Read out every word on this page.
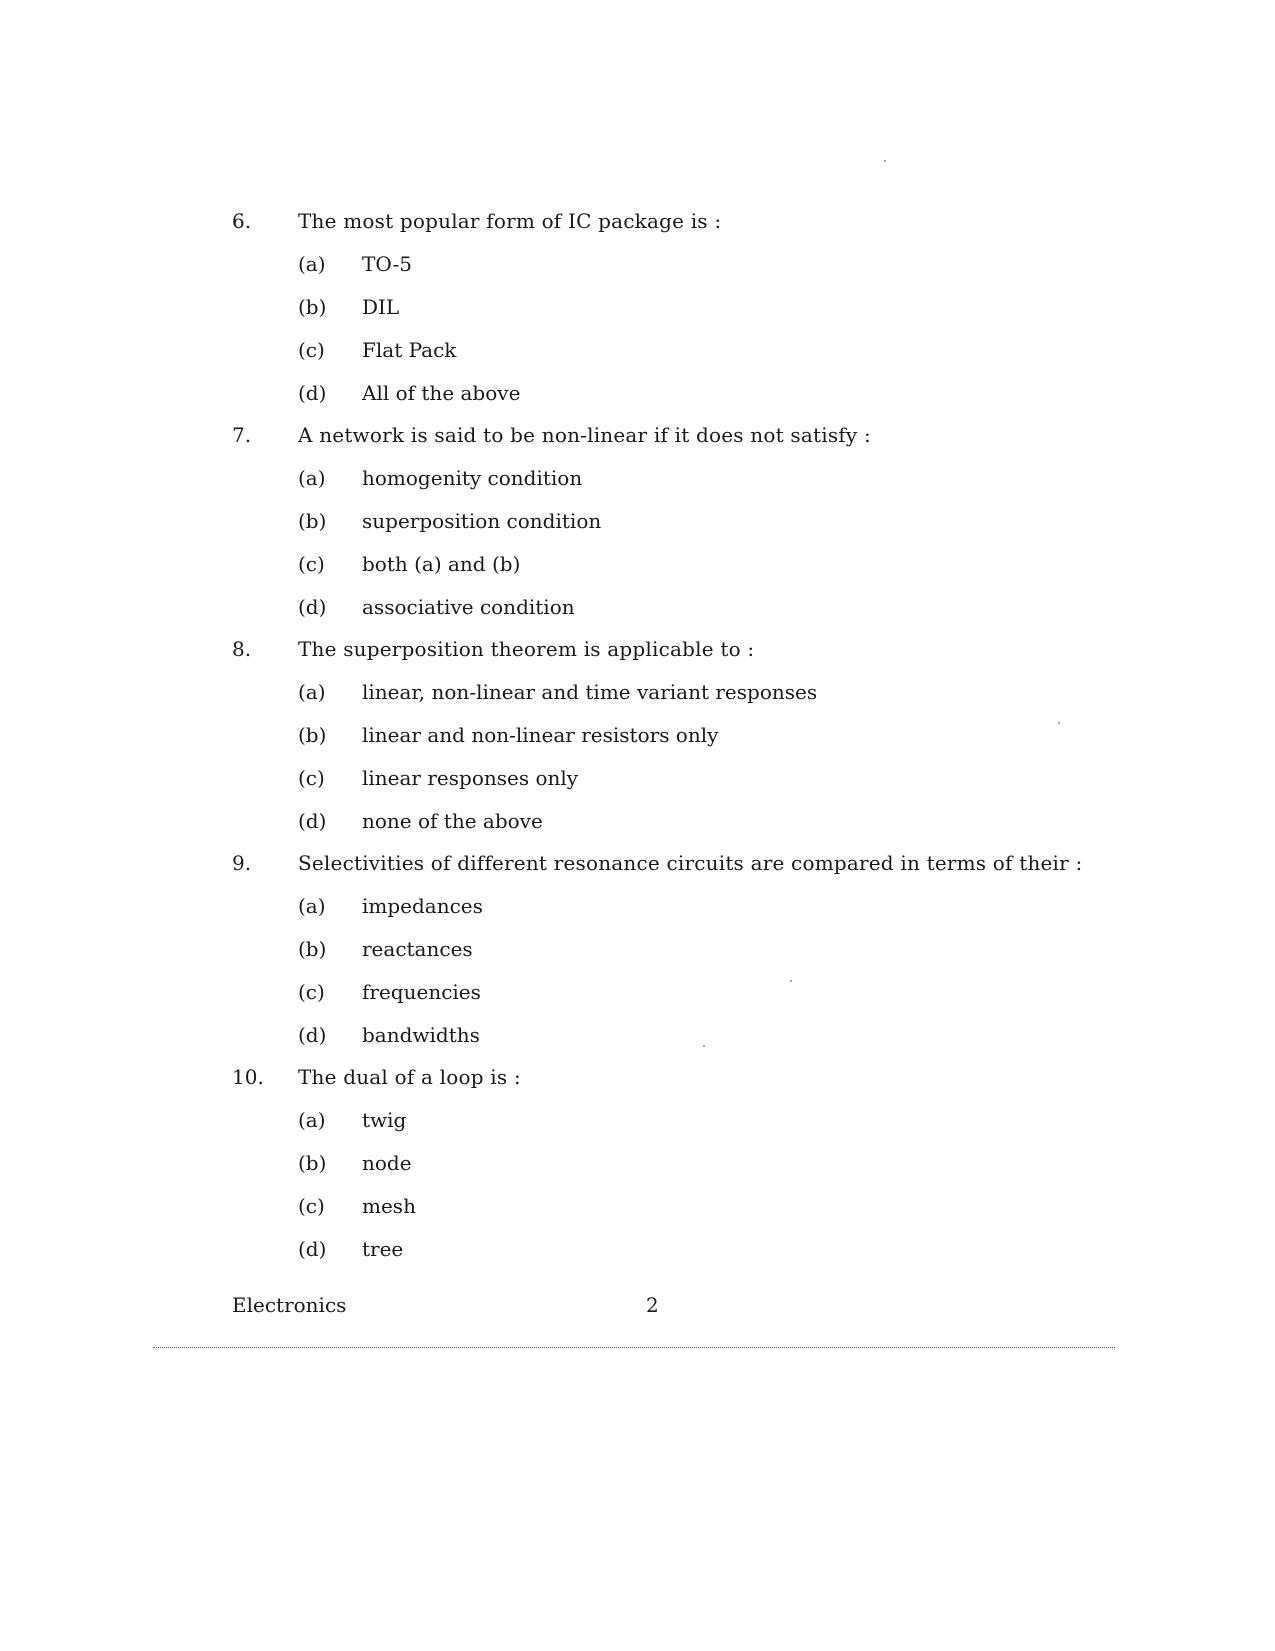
6. The most popular form of IC package is :
(a) TO-5
(b) DIL
(c) Flat Pack
(d) All of the above
7. A network is said to be non-linear if it does not satisfy :
(a) homogenity condition
(b) superposition condition
(c) both (a) and (b)
(d) associative condition
8. The superposition theorem is applicable to :
(a) linear, non-linear and time variant responses
(b) linear and non-linear resistors only
(c) linear responses only
(d) none of the above
9. Selectivities of different resonance circuits are compared in terms of their :
(a) impedances
(b) reactances
(c) frequencies
(d) bandwidths
10. The dual of a loop is :
(a) twig
(b) node
(c) mesh
(d) tree
Electronics	2
